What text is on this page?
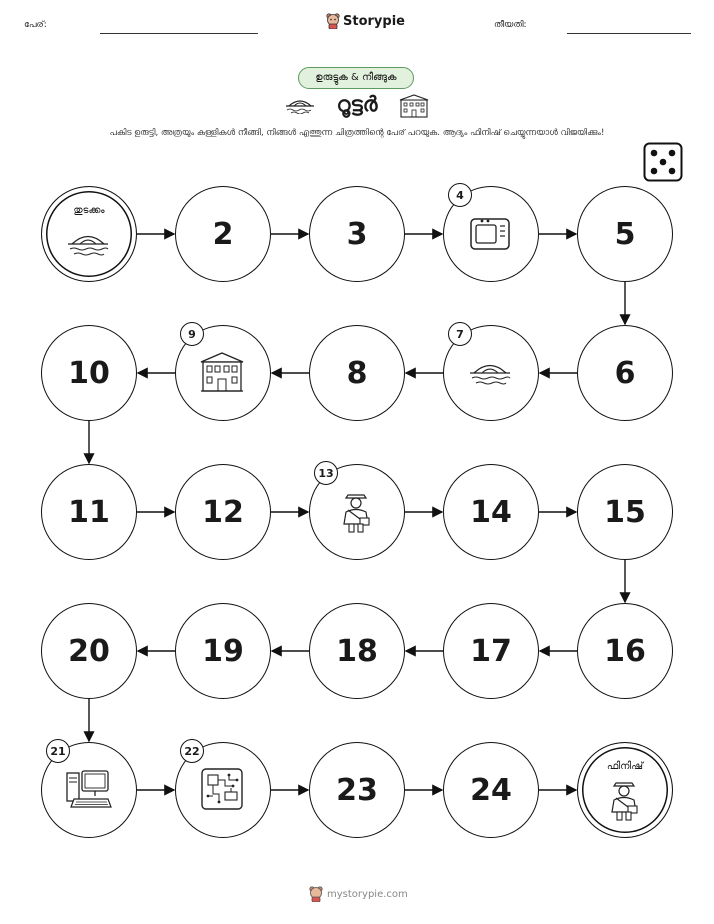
പേര്:	Storypie	തീയതി:
ഉരുട്ടുക & നീങ്ങുക
റൂട്ടർ
പകിട ഉരുട്ടി, അത്രയും കള്ളികൾ നീങ്ങി, നിങ്ങൾ എത്തുന്ന ചിത്രത്തിന്റെ പേര് പറയുക. ആദ്യം ഫിനിഷ് ചെയ്യുന്നയാൾ വിജയിക്കും!
തുടക്കം
2	3
4
5
6
7
8
9
10
11	12
13
14	15
16
17
18
19
20
21	22
23	24
ഫിനിഷ്
mystorypie.com
